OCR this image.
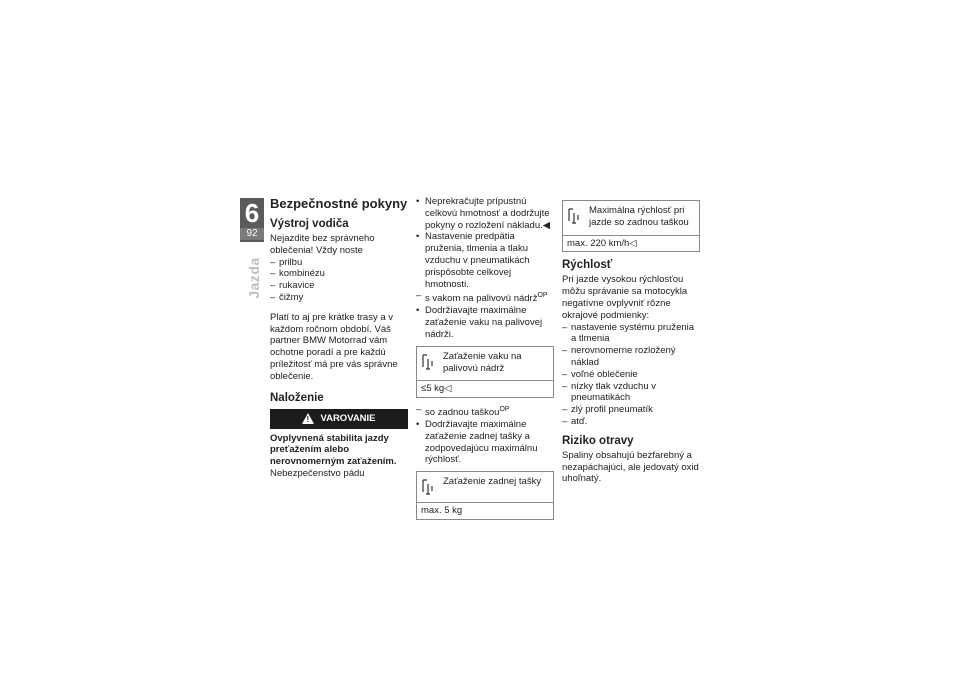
6
92
Jazda
Bezpečnostné pokyny
Výstroj vodiča

Nejazdite bez správneho oblečenia! Vždy noste

– prilbu
– kombinézu
– rukavice
– čižmy

Platí to aj pre krátke trasy a v každom ročnom období. Váš partner BMW Motorrad vám ochotne poradí a pre každú príležitosť má pre vás správne oblečenie.

Naloženie
!
VAROVANIE

Ovplyvnená stabilita jazdy preťažením alebo nerovnomerným zaťažením.

Nebezpečenstvo pádu

• Neprekračujte prípustnú celkovú hmotnosť a dodržujte pokyny o rozložení nákladu.◀
• Nastavenie predpätia pruženia, tlmenia a tlaku vzduchu v pneumatikách prispôsobte celkovej hmotnosti.
– s vakom na palivovú nádrž$^{OP}$
• Dodržiavajte maximálne zaťaženie vaku na palivovej nádrži.
Zaťaženie vaku na palivovú nádrž
≤5 kg◁
– so zadnou taškou$^{OP}$
• Dodržiavajte maximálne zaťaženie zadnej tašky a zodpovedajúcu maximálnu rýchlosť.
Zaťaženie zadnej tašky
max. 5 kg
Maximálna rýchlosť pri jazde so zadnou taškou
max. 220 km/h◁
Rýchlosť

Pri jazde vysokou rýchlosťou môžu správanie sa motocykla negatívne ovplyvniť rôzne okrajové podmienky:

– nastavenie systému pruženia a tlmenia
– nerovnomerne rozložený náklad
– voľné oblečenie
– nízky tlak vzduchu v pneumatikách
– zlý profil pneumatík
– atď.
Riziko otravy

Spaliny obsahujú bezfarebný a nezapáchajúci, ale jedovatý oxid uhoľnatý.
